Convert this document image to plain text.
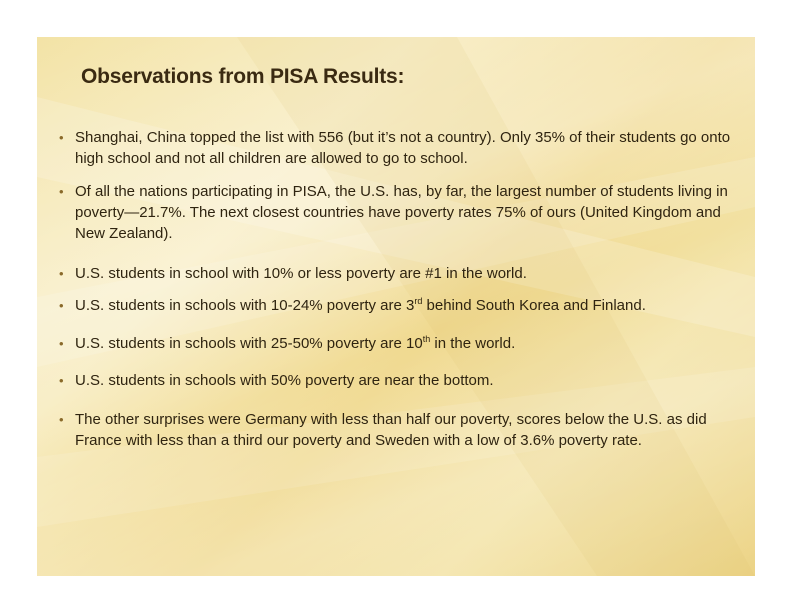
Observations from PISA Results:
• Shanghai, China topped the list with 556 (but it’s not a country). Only 35% of their students go onto high school and not all children are allowed to go to school.
• Of all the nations participating in PISA, the U.S. has, by far, the largest number of students living in poverty—21.7%. The next closest countries have poverty rates 75% of ours (United Kingdom and New Zealand).
• U.S. students in school with 10% or less poverty are #1 in the world.
• U.S. students in schools with 10-24% poverty are 3rd behind South Korea and Finland.
• U.S. students in schools with 25-50% poverty are 10th in the world.
• U.S. students in schools with 50% poverty are near the bottom.
• The other surprises were Germany with less than half our poverty, scores below the U.S. as did France with less than a third our poverty and Sweden with a low of 3.6% poverty rate.
